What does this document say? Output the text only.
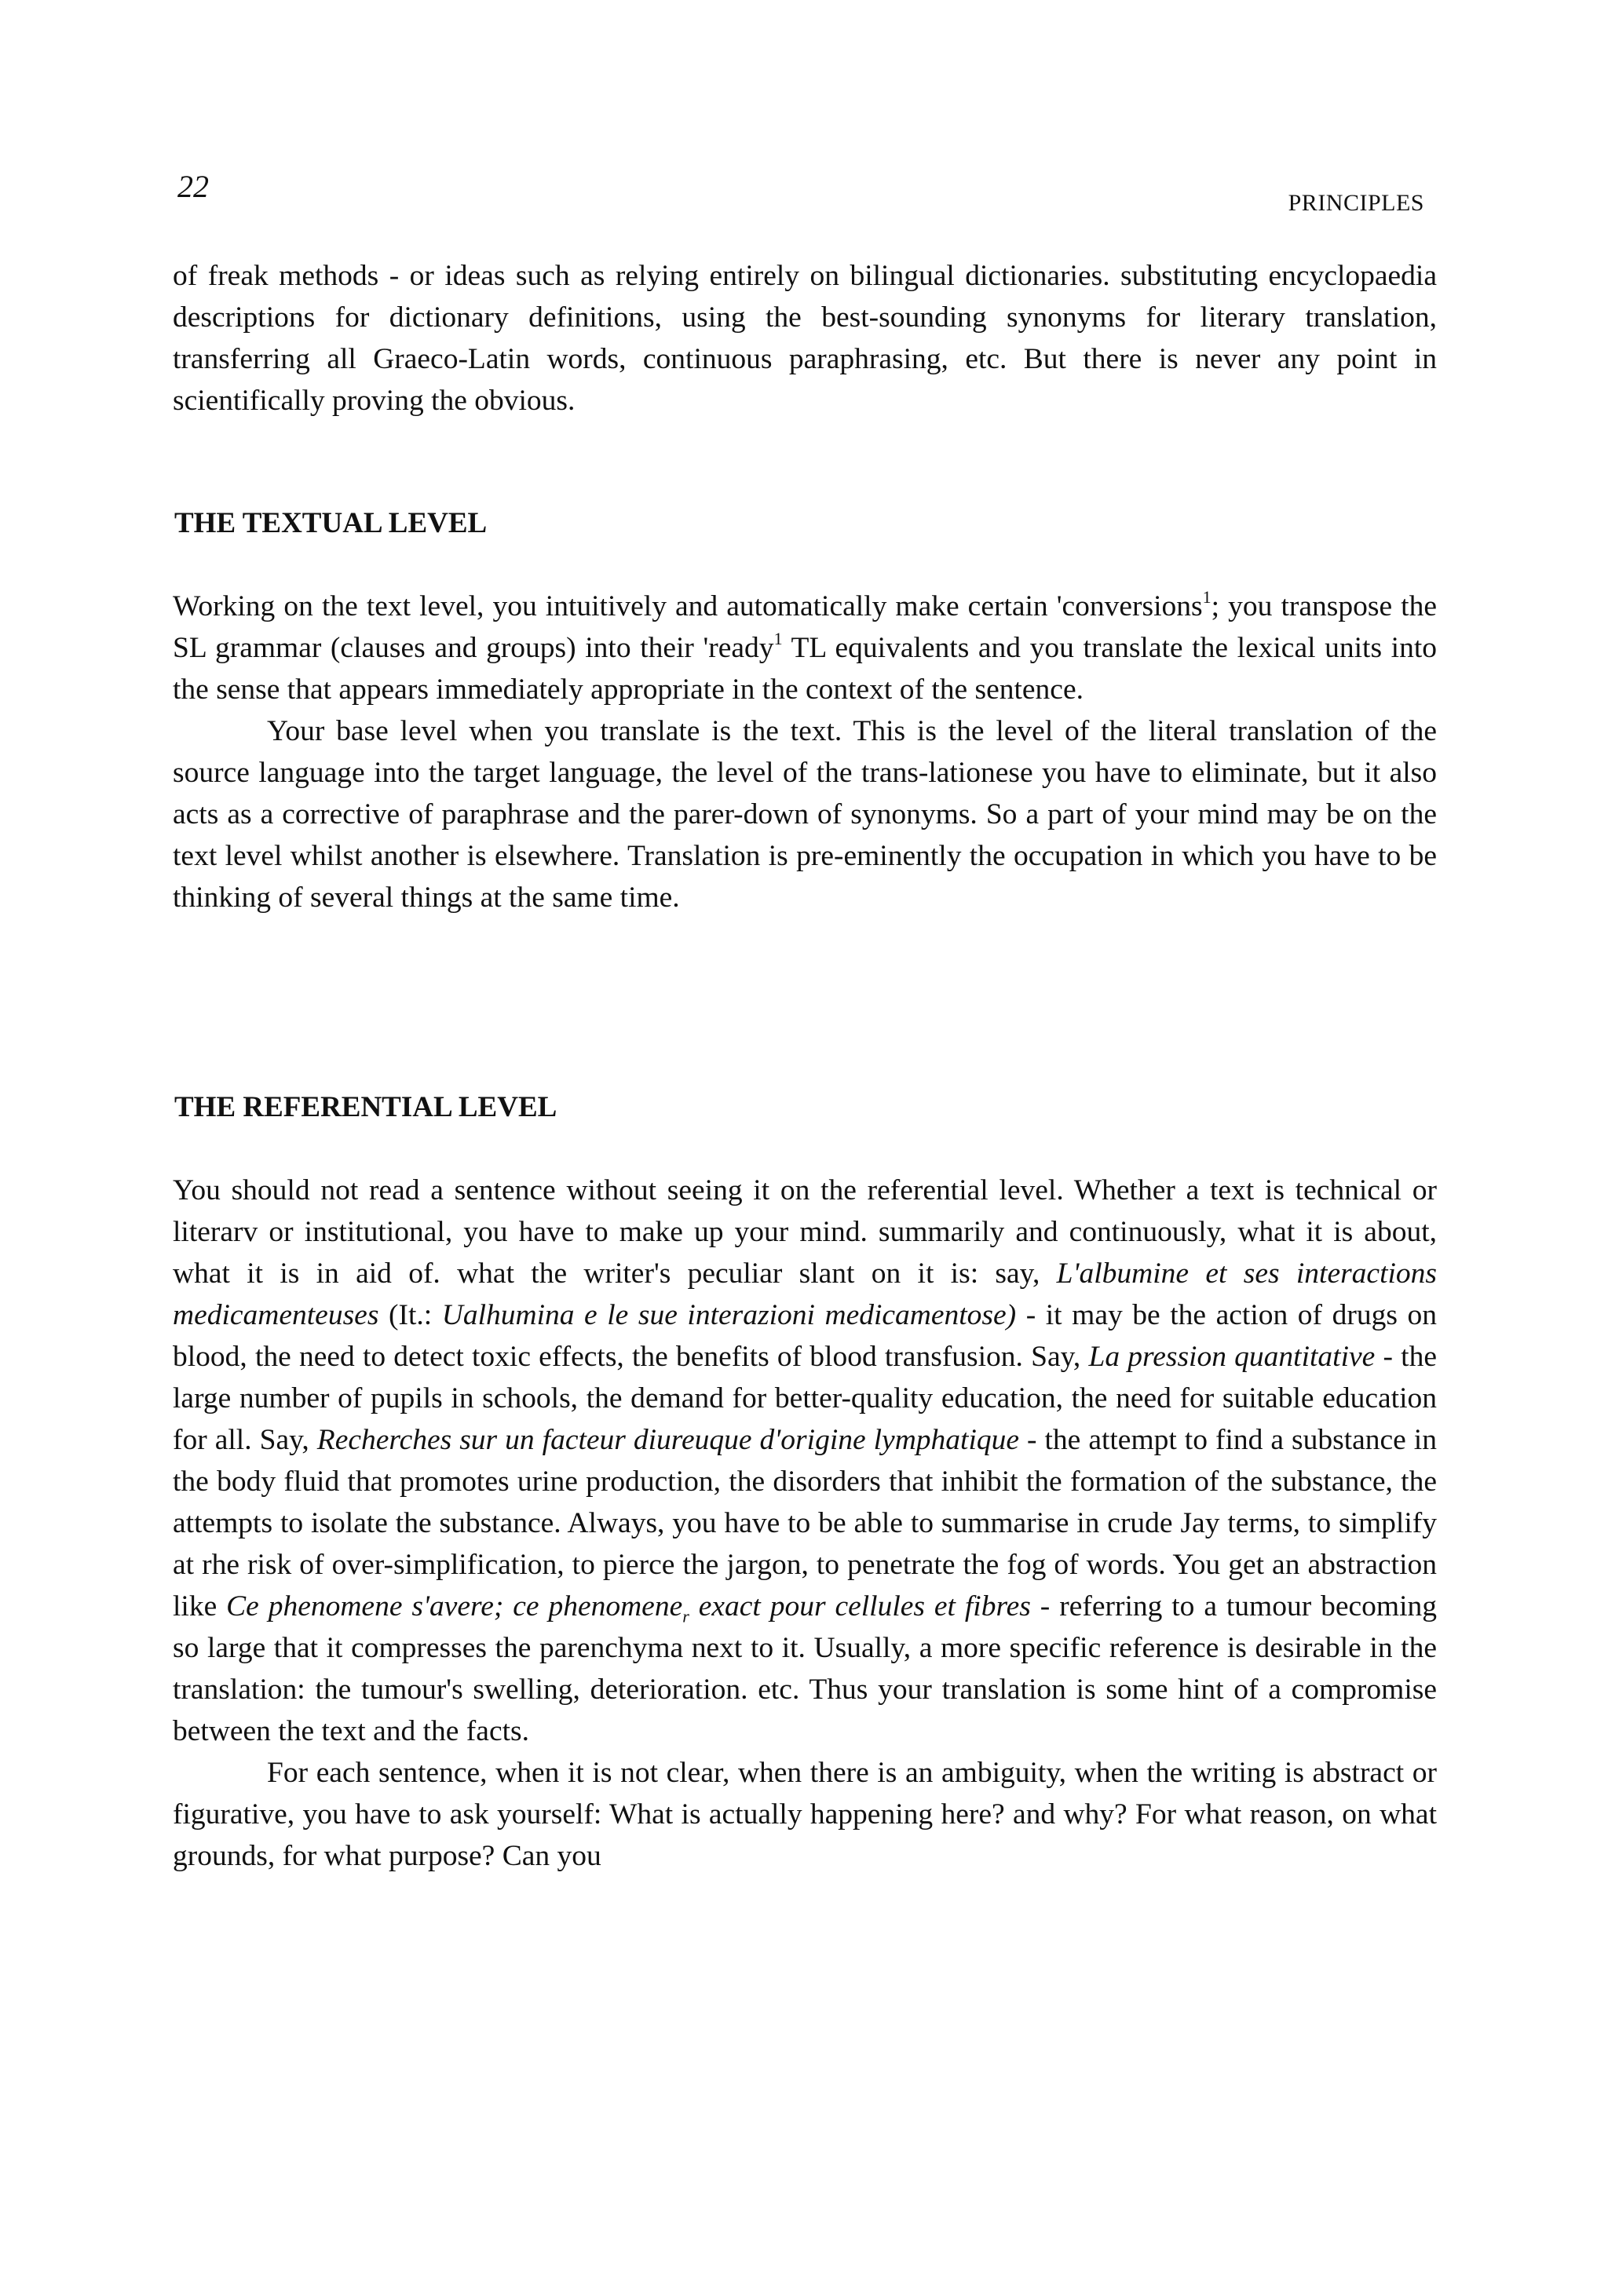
22	PRINCIPLES

of freak methods - or ideas such as relying entirely on bilingual dictionaries. substituting encyclopaedia descriptions for dictionary definitions, using the best-sounding synonyms for literary translation, transferring all Graeco-Latin words, continuous paraphrasing, etc. But there is never any point in scientifically proving the obvious.

THE TEXTUAL LEVEL

Working on the text level, you intuitively and automatically make certain 'conversions$^1$; you transpose the SL grammar (clauses and groups) into their 'ready$^1$ TL equivalents and you translate the lexical units into the sense that appears immediately appropriate in the context of the sentence.

Your base level when you translate is the text. This is the level of the literal translation of the source language into the target language, the level of the trans-lationese you have to eliminate, but it also acts as a corrective of paraphrase and the parer-down of synonyms. So a part of your mind may be on the text level whilst another is elsewhere. Translation is pre-eminently the occupation in which you have to be thinking of several things at the same time.

THE REFERENTIAL LEVEL

You should not read a sentence without seeing it on the referential level. Whether a text is technical or literarv or institutional, you have to make up your mind. summarily and continuously, what it is about, what it is in aid of. what the writer's peculiar slant on it is: say, L'albumine et ses interactions medicamenteuses (It.: Ualhumina e le sue interazioni medicamentose) - it may be the action of drugs on blood, the need to detect toxic effects, the benefits of blood transfusion. Say, La pression quantitative - the large number of pupils in schools, the demand for better-quality education, the need for suitable education for all. Say, Recherches sur un facteur diureuque d'origine lymphatique - the attempt to find a substance in the body fluid that promotes urine production, the disorders that inhibit the formation of the substance, the attempts to isolate the substance. Always, you have to be able to summarise in crude Jay terms, to simplify at rhe risk of over-simplification, to pierce the jargon, to penetrate the fog of words. You get an abstraction like Ce phenomene s'avere; ce phenomene$_r$ exact pour cellules et fibres - referring to a tumour becoming so large that it compresses the parenchyma next to it. Usually, a more specific reference is desirable in the translation: the tumour's swelling, deterioration. etc. Thus your translation is some hint of a compromise between the text and the facts.

For each sentence, when it is not clear, when there is an ambiguity, when the writing is abstract or figurative, you have to ask yourself: What is actually happening here? and why? For what reason, on what grounds, for what purpose? Can you
